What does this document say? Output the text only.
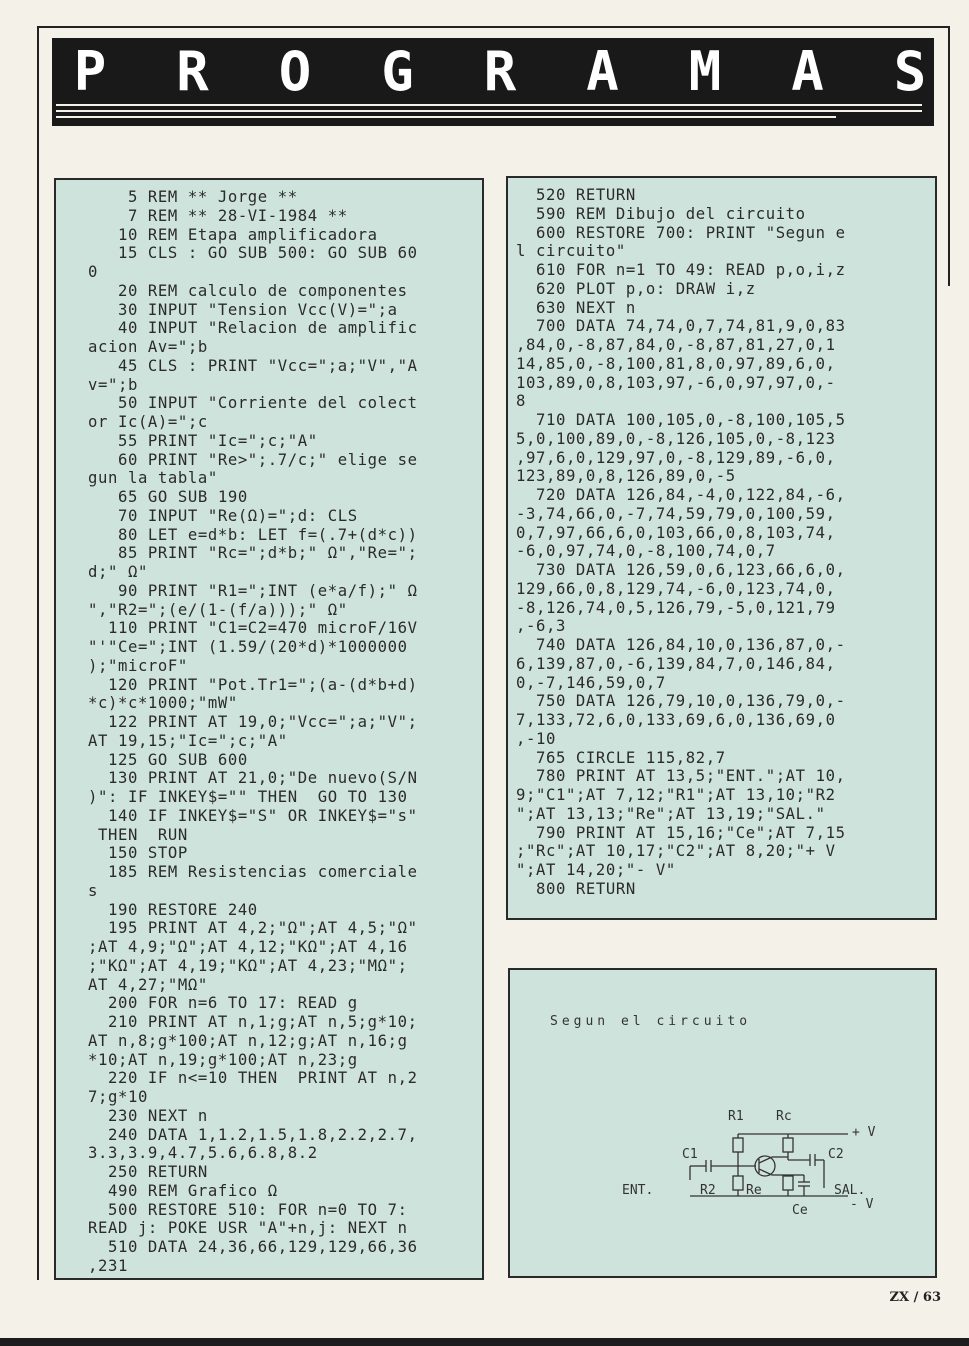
P R O G R A M A S
5 REM ** Jorge **
7 REM ** 28-VI-1984 **
10 REM Etapa amplificadora
15 CLS : GO SUB 500: GO SUB 60
0
20 REM calculo de componentes
30 INPUT "Tension Vcc(V)=";a
40 INPUT "Relacion de amplific
acion Av=";b
45 CLS : PRINT "Vcc=";a;"V","A
v=";b
50 INPUT "Corriente del colect
or Ic(A)=";c
55 PRINT "Ic=";c;"A"
60 PRINT "Re>";.7/c;" elige se
gun la tabla"
65 GO SUB 190
70 INPUT "Re(Ω)=";d: CLS
80 LET e=d*b: LET f=(.7+(d*c))
85 PRINT "Rc=";d*b;" Ω","Re=";
d;" Ω"
90 PRINT "R1=";INT (e*a/f);" Ω
","R2=";(e/(1-(f/a)));" Ω"
110 PRINT "C1=C2=470 microF/16V
"'"Ce=";INT (1.59/(20*d)*1000000
);"microF"
120 PRINT "Pot.Tr1=";(a-(d*b+d)
*c)*c*1000;"mW"
122 PRINT AT 19,0;"Vcc=";a;"V";
AT 19,15;"Ic=";c;"A"
125 GO SUB 600
130 PRINT AT 21,0;"De nuevo(S/N
)": IF INKEY$="" THEN  GO TO 130
140 IF INKEY$="S" OR INKEY$="s"
THEN  RUN
150 STOP
185 REM Resistencias comerciale
s
190 RESTORE 240
195 PRINT AT 4,2;"Ω";AT 4,5;"Ω"
;AT 4,9;"Ω";AT 4,12;"KΩ";AT 4,16
;"KΩ";AT 4,19;"KΩ";AT 4,23;"MΩ";
AT 4,27;"MΩ"
200 FOR n=6 TO 17: READ g
210 PRINT AT n,1;g;AT n,5;g*10;
AT n,8;g*100;AT n,12;g;AT n,16;g
*10;AT n,19;g*100;AT n,23;g
220 IF n<=10 THEN  PRINT AT n,2
7;g*10
230 NEXT n
240 DATA 1,1.2,1.5,1.8,2.2,2.7,
3.3,3.9,4.7,5.6,6.8,8.2
250 RETURN
490 REM Grafico Ω
500 RESTORE 510: FOR n=0 TO 7:
READ j: POKE USR "A"+n,j: NEXT n
510 DATA 24,36,66,129,129,66,36
,231
520 RETURN
590 REM Dibujo del circuito
600 RESTORE 700: PRINT "Segun e
l circuito"
610 FOR n=1 TO 49: READ p,o,i,z
620 PLOT p,o: DRAW i,z
630 NEXT n
700 DATA 74,74,0,7,74,81,9,0,83
,84,0,-8,87,84,0,-8,87,81,27,0,1
14,85,0,-8,100,81,8,0,97,89,6,0,
103,89,0,8,103,97,-6,0,97,97,0,-
8
710 DATA 100,105,0,-8,100,105,5
5,0,100,89,0,-8,126,105,0,-8,123
,97,6,0,129,97,0,-8,129,89,-6,0,
123,89,0,8,126,89,0,-5
720 DATA 126,84,-4,0,122,84,-6,
-3,74,66,0,-7,74,59,79,0,100,59,
0,7,97,66,6,0,103,66,0,8,103,74,
-6,0,97,74,0,-8,100,74,0,7
730 DATA 126,59,0,6,123,66,6,0,
129,66,0,8,129,74,-6,0,123,74,0,
-8,126,74,0,5,126,79,-5,0,121,79
,-6,3
740 DATA 126,84,10,0,136,87,0,-
6,139,87,0,-6,139,84,7,0,146,84,
0,-7,146,59,0,7
750 DATA 126,79,10,0,136,79,0,-
7,133,72,6,0,133,69,6,0,136,69,0
,-10
765 CIRCLE 115,82,7
780 PRINT AT 13,5;"ENT.";AT 10,
9;"C1";AT 7,12;"R1";AT 13,10;"R2
";AT 13,13;"Re";AT 13,19;"SAL."
790 PRINT AT 15,16;"Ce";AT 7,15
;"Rc";AT 10,17;"C2";AT 8,20;"+ V
";AT 14,20;"- V"
800 RETURN
Segun el circuito
R1 Rc
+ V
C1	C2
ENT.	R2 Re	SAL.
- V
Ce
ZX / 63
